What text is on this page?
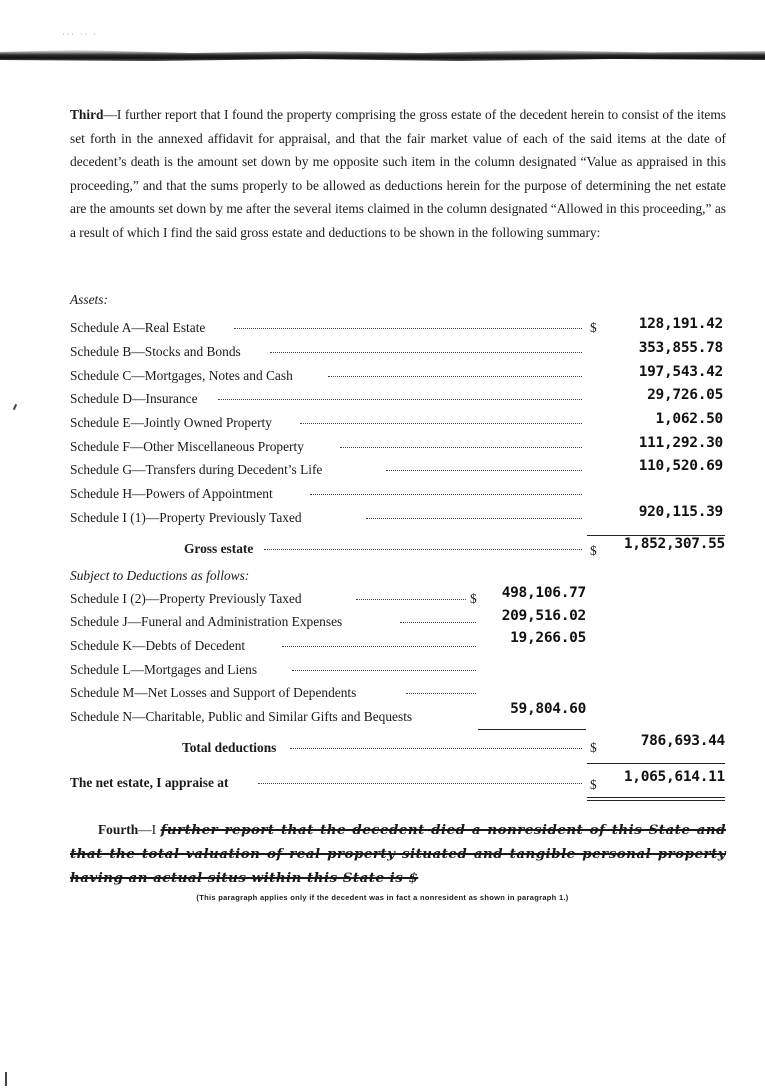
··· ·· ·

Third—I further report that I found the property comprising the gross estate of the decedent herein to consist of the items set forth in the annexed affidavit for appraisal, and that the fair market value of each of the said items at the date of decedent’s death is the amount set down by me opposite such item in the column designated “Value as appraised in this proceeding,” and that the sums properly to be allowed as deductions herein for the purpose of determining the net estate are the amounts set down by me after the several items claimed in the column designated “Allowed in this proceeding,” as a result of which I find the said gross estate and deductions to be shown in the following summary:

Assets:
Schedule A—Real Estate	$	128,191.42
Schedule B—Stocks and Bonds	353,855.78
Schedule C—Mortgages, Notes and Cash	197,543.42
Schedule D—Insurance	29,726.05
Schedule E—Jointly Owned Property	1,062.50
Schedule F—Other Miscellaneous Property	111,292.30
Schedule G—Transfers during Decedent’s Life	110,520.69
Schedule H—Powers of Appointment
Schedule I (1)—Property Previously Taxed	920,115.39
Gross estate	$	1,852,307.55
Subject to Deductions as follows:
Schedule I (2)—Property Previously Taxed	$	498,106.77
Schedule J—Funeral and Administration Expenses	209,516.02
Schedule K—Debts of Decedent	19,266.05
Schedule L—Mortgages and Liens
Schedule M—Net Losses and Support of Dependents
Schedule N—Charitable, Public and Similar Gifts and Bequests	59,804.60
Total deductions	$	786,693.44
The net estate, I appraise at	$	1,065,614.11

Fourth—I further report that the decedent died a nonresident of this State and that the total valuation of real property situated and tangible personal property having an actual situs within this State is $

(This paragraph applies only if the decedent was in fact a nonresident as shown in paragraph 1.)
